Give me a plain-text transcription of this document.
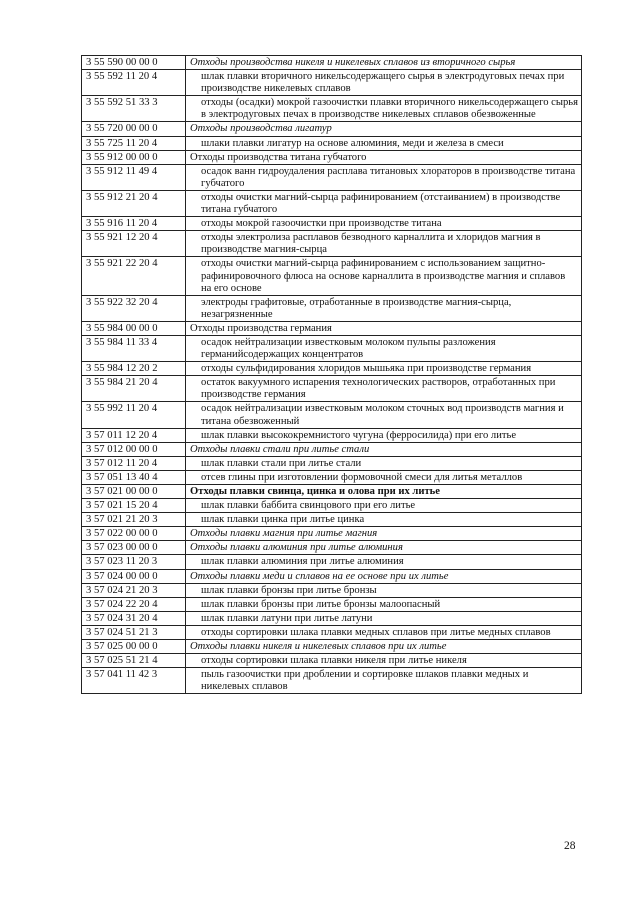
3 55 590 00 00 0	Отходы производства никеля и никелевых сплавов из вторичного сырья
3 55 592 11 20 4	шлак плавки вторичного никельсодержащего сырья в электродуговых печах при производстве никелевых сплавов
3 55 592 51 33 3	отходы (осадки) мокрой газоочистки плавки вторичного никельсодержащего сырья в электродуговых печах в производстве никелевых сплавов обезвоженные
3 55 720 00 00 0	Отходы производства лигатур
3 55 725 11 20 4	шлаки плавки лигатур на основе алюминия, меди и железа в смеси
3 55 912 00 00 0	Отходы производства титана губчатого
3 55 912 11 49 4	осадок ванн гидроудаления расплава титановых хлораторов в производстве титана губчатого
3 55 912 21 20 4	отходы очистки магний-сырца рафинированием (отстаиванием) в производстве титана губчатого
3 55 916 11 20 4	отходы мокрой газоочистки при производстве титана
3 55 921 12 20 4	отходы электролиза расплавов безводного карналлита и хлоридов магния в производстве магния-сырца
3 55 921 22 20 4	отходы очистки магний-сырца рафинированием с использованием защитно-рафинировочного флюса на основе карналлита в производстве магния и сплавов на его основе
3 55 922 32 20 4	электроды графитовые, отработанные в производстве магния-сырца, незагрязненные
3 55 984 00 00 0	Отходы производства германия
3 55 984 11 33 4	осадок нейтрализации известковым молоком пульпы разложения германийсодержащих концентратов
3 55 984 12 20 2	отходы сульфидирования хлоридов мышьяка при производстве германия
3 55 984 21 20 4	остаток вакуумного испарения технологических растворов, отработанных при производстве германия
3 55 992 11 20 4	осадок нейтрализации известковым молоком сточных вод производств магния и титана обезвоженный
3 57 011 12 20 4	шлак плавки высококремнистого чугуна (ферросилида) при его литье
3 57 012 00 00 0	Отходы плавки стали при литье стали
3 57 012 11 20 4	шлак плавки стали при литье стали
3 57 051 13 40 4	отсев глины при изготовлении формовочной смеси для литья металлов
3 57 021 00 00 0	Отходы плавки свинца, цинка и олова при их литье
3 57 021 15 20 4	шлак плавки баббита свинцового при его литье
3 57 021 21 20 3	шлак плавки цинка при литье цинка
3 57 022 00 00 0	Отходы плавки магния при литье магния
3 57 023 00 00 0	Отходы плавки алюминия при литье алюминия
3 57 023 11 20 3	шлак плавки алюминия при литье алюминия
3 57 024 00 00 0	Отходы плавки меди и сплавов на ее основе при их литье
3 57 024 21 20 3	шлак плавки бронзы при литье бронзы
3 57 024 22 20 4	шлак плавки бронзы при литье бронзы малоопасный
3 57 024 31 20 4	шлак плавки латуни при литье латуни
3 57 024 51 21 3	отходы сортировки шлака плавки медных сплавов при литье медных сплавов
3 57 025 00 00 0	Отходы плавки никеля и никелевых сплавов при их литье
3 57 025 51 21 4	отходы сортировки шлака плавки никеля при литье никеля
3 57 041 11 42 3	пыль газоочистки при дроблении и сортировке шлаков плавки медных и никелевых сплавов
28
